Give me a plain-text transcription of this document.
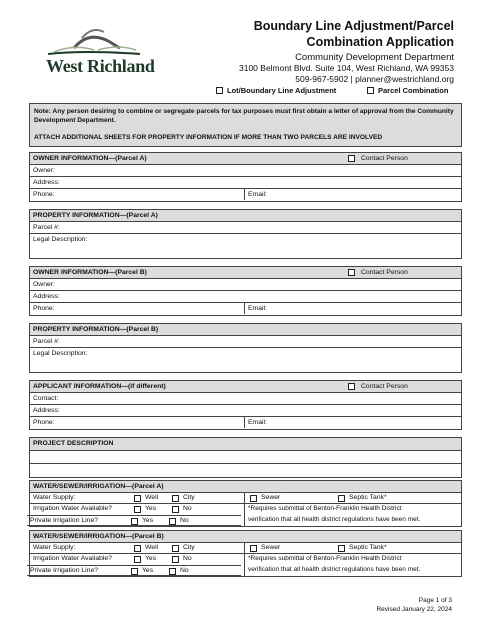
West Richland
Boundary Line Adjustment/Parcel
Combination Application
Community Development Department
3100 Belmont Blvd. Suite 104, West Richland, WA 99353
509-967-5902 | planner@westrichland.org
Lot/Boundary Line Adjustment	Parcel Combination
Note: Any person desiring to combine or segregate parcels for tax purposes must first obtain a letter of approval from the Community Development Department.
ATTACH ADDITIONAL SHEETS FOR PROPERTY INFORMATION IF MORE THAN TWO PARCELS ARE INVOLVED
OWNER INFORMATION—(Parcel A)	Contact Person
Owner:
Address:
Phone:	Email:
PROPERTY INFORMATION—(Parcel A)
Parcel #:
Legal Description:
OWNER INFORMATION—(Parcel B)	Contact Person
Owner:
Address:
Phone:	Email:
PROPERTY INFORMATION—(Parcel B)
Parcel #:
Legal Description:
APPLICANT INFORMATION—(if different)	Contact Person
Contact:
Address:
Phone:	Email:
PROJECT DESCRIPTION
WATER/SEWER/IRRIGATION—(Parcel A)
Water Supply:	Well	City	Sewer	Septic Tank*
Irrigation Water Available?	Yes	No	*Requires submittal of Benton-Franklin Health District
Private Irrigation Line?	Yes	No	verification that all health district regulations have been met.
WATER/SEWER/IRRIGATION—(Parcel B)
Water Supply:	Well	City	Sewer	Septic Tank*
Irrigation Water Available?	Yes	No	*Requires submittal of Benton-Franklin Health District
Private Irrigation Line?	Yes	No	verification that all health district regulations have been met.
Page 1 of 3
Revised January 22, 2024
